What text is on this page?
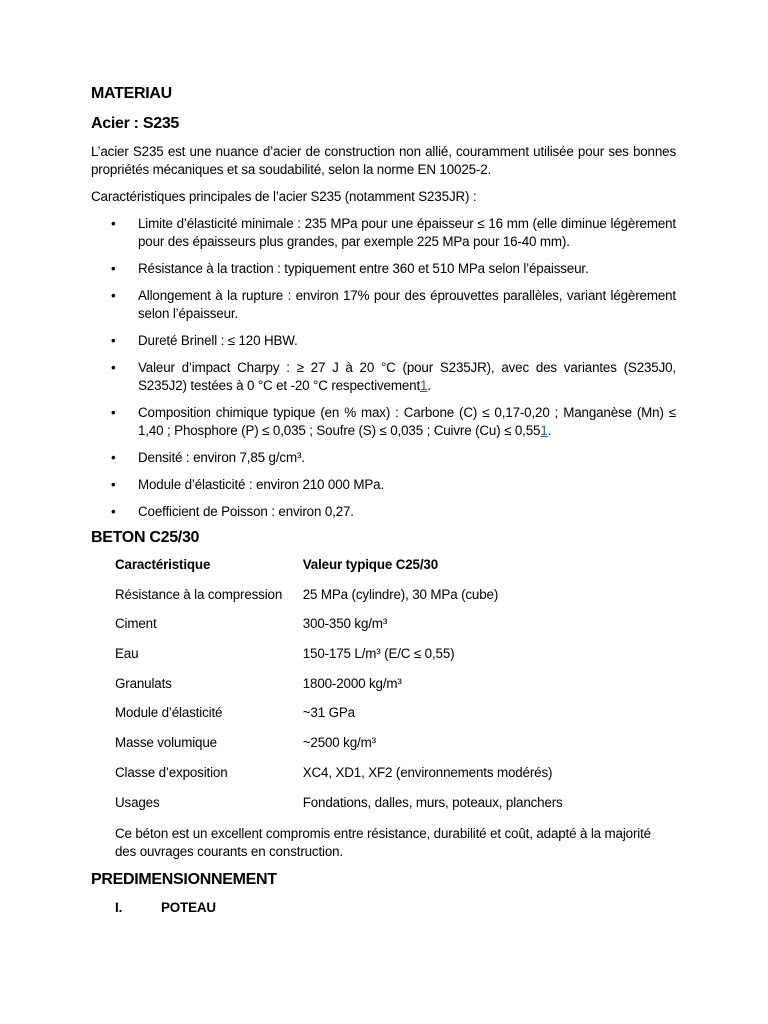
MATERIAU
Acier : S235

L’acier S235 est une nuance d’acier de construction non allié, couramment utilisée pour ses bonnes propriétés mécaniques et sa soudabilité, selon la norme EN 10025-2.

Caractéristiques principales de l’acier S235 (notamment S235JR) :

• Limite d’élasticité minimale : 235 MPa pour une épaisseur ≤ 16 mm (elle diminue légèrement pour des épaisseurs plus grandes, par exemple 225 MPa pour 16-40 mm).
• Résistance à la traction : typiquement entre 360 et 510 MPa selon l’épaisseur.
• Allongement à la rupture : environ 17% pour des éprouvettes parallèles, variant légèrement selon l’épaisseur.
• Dureté Brinell : ≤ 120 HBW.
• Valeur d’impact Charpy : ≥ 27 J à 20 °C (pour S235JR), avec des variantes (S235J0, S235J2) testées à 0 °C et -20 °C respectivement1.
• Composition chimique typique (en % max) : Carbone (C) ≤ 0,17-0,20 ; Manganèse (Mn) ≤ 1,40 ; Phosphore (P) ≤ 0,035 ; Soufre (S) ≤ 0,035 ; Cuivre (Cu) ≤ 0,551.
• Densité : environ 7,85 g/cm³.
• Module d’élasticité : environ 210 000 MPa.
• Coefficient de Poisson : environ 0,27.
BETON C25/30
Caractéristique	Valeur typique C25/30
Résistance à la compression	25 MPa (cylindre), 30 MPa (cube)
Ciment	300-350 kg/m³
Eau	150-175 L/m³ (E/C ≤ 0,55)
Granulats	1800-2000 kg/m³
Module d’élasticité	~31 GPa
Masse volumique	~2500 kg/m³
Classe d’exposition	XC4, XD1, XF2 (environnements modérés)
Usages	Fondations, dalles, murs, poteaux, planchers

Ce béton est un excellent compromis entre résistance, durabilité et coût, adapté à la majorité des ouvrages courants en construction.

PREDIMENSIONNEMENT
I.	POTEAU
